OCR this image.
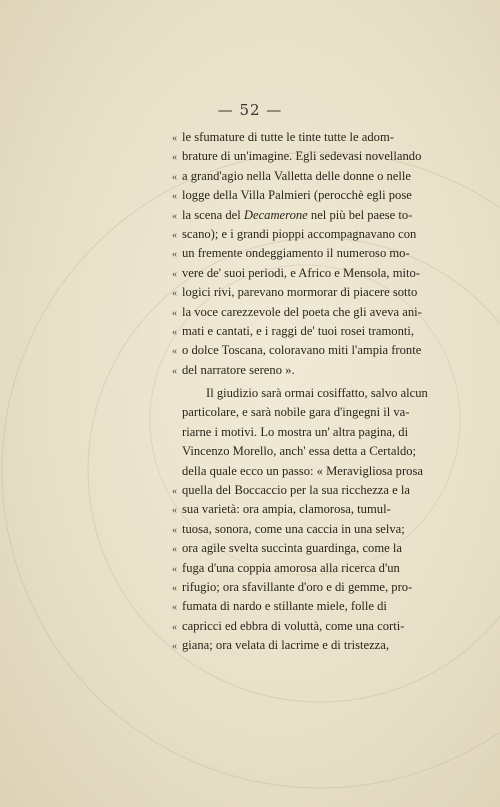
— 52 —
« le sfumature di tutte le tinte tutte le adom-
« brature di un'imagine. Egli sedevasi novellando
« a grand'agio nella Valletta delle donne o nelle
« logge della Villa Palmieri (perocchè egli pose
« la scena del Decamerone nel più bel paese to-
« scano); e i grandi pioppi accompagnavano con
« un fremente ondeggiamento il numeroso mo-
« vere de' suoi periodi, e Africo e Mensola, mito-
« logici rivi, parevano mormorar di piacere sotto
« la voce carezzevole del poeta che gli aveva ani-
« mati e cantati, e i raggi de' tuoi rosei tramonti,
« o dolce Toscana, coloravano miti l'ampia fronte
« del narratore sereno ».
Il giudizio sarà ormai cosiffatto, salvo alcun
particolare, e sarà nobile gara d'ingegni il va-
riarne i motivi. Lo mostra un' altra pagina, di
Vincenzo Morello, anch' essa detta a Certaldo;
della quale ecco un passo: « Meravigliosa prosa
« quella del Boccaccio per la sua ricchezza e la
« sua varietà: ora ampia, clamorosa, tumul-
« tuosa, sonora, come una caccia in una selva;
« ora agile svelta succinta guardinga, come la
« fuga d'una coppia amorosa alla ricerca d'un
« rifugio; ora sfavillante d'oro e di gemme, pro-
« fumata di nardo e stillante miele, folle di
« capricci ed ebbra di voluttà, come una corti-
« giana; ora velata di lacrime e di tristezza,
